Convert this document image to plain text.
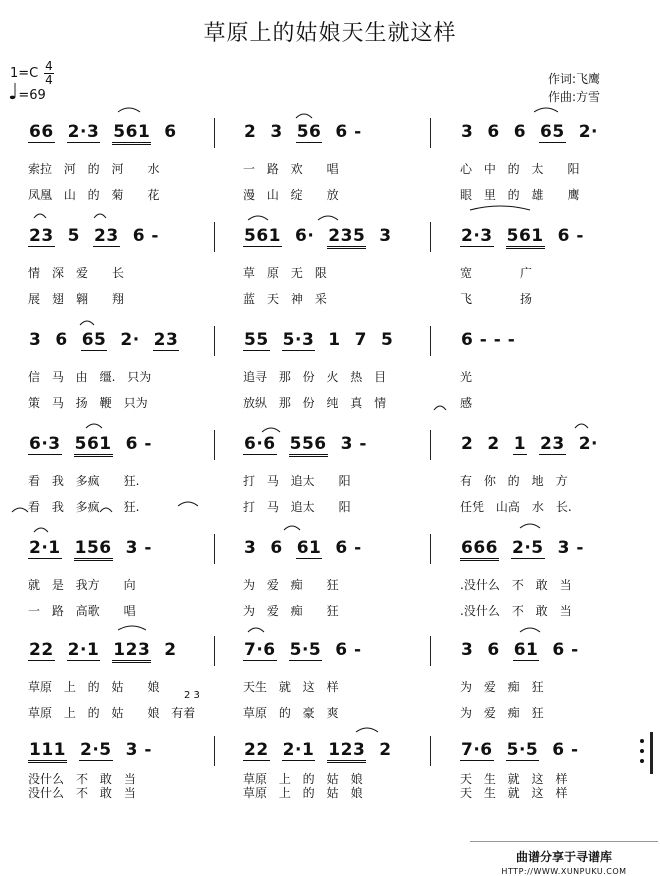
草原上的姑娘天生就这样
1=C 4
4
♩=69
作词:飞鹰
作曲:方雪
66 2·3 561 6
索拉 河 的 河　　水
凤凰 山 的 菊　　花
2 3 56 6 -
一 路 欢　　唱
漫 山 绽　　放
3 6 6 65 2·
心 中 的 太　　阳
眼 里 的 雄　　鹰
23 5 23 6 -
情　深　爱　　长
展　翅　翱　　翔
561 6· 235 3
草　原 无　限
蓝　天 神　采
2·3 561 6 -
宽　　　　广
飞　　　　扬
3 6 65 2· 23
信 马 由　缰. 只为
策 马 扬　鞭　只为
55 5·3 1 7 5
追寻 那 份 火 热 目
放纵 那 份 纯 真 情
6 - - -
光
感
6·3 561 6 -
看 我 多疯　　狂.
看 我 多疯　　狂.
6·6 556 3 -
打 马 追太　　阳
打 马 追太　　阳
2 2 1 23 2·
有 你 的　地　方
任凭 山高　水　长.
2·1 156 3 -
就 是 我方　　向
一 路 高歌　　唱
3 6 61 6 -
为 爱 痴　　狂
为 爱 痴　　狂
666 2·5 3 -
.没什么　不 敢　当
.没什么　不 敢　当
22 2·1 123 2
草原 上 的 姑　　娘
草原 上 的 姑　　娘 有着
7·6 5·5 6 -
天生 就 这　样
草原 的 豪　爽
3 6 61 6 -
为 爱 痴　狂
为 爱 痴　狂
2 3
111 2·5 3 -
没什么　不 敢　当
没什么　不 敢　当
22 2·1 123 2
草原 上 的　姑　娘
草原 上 的　姑　娘
7·6 5·5 6 -
天 生 就 这　样
天 生 就 这　样
曲谱分享于寻谱库
HTTP://WWW.XUNPUKU.COM
